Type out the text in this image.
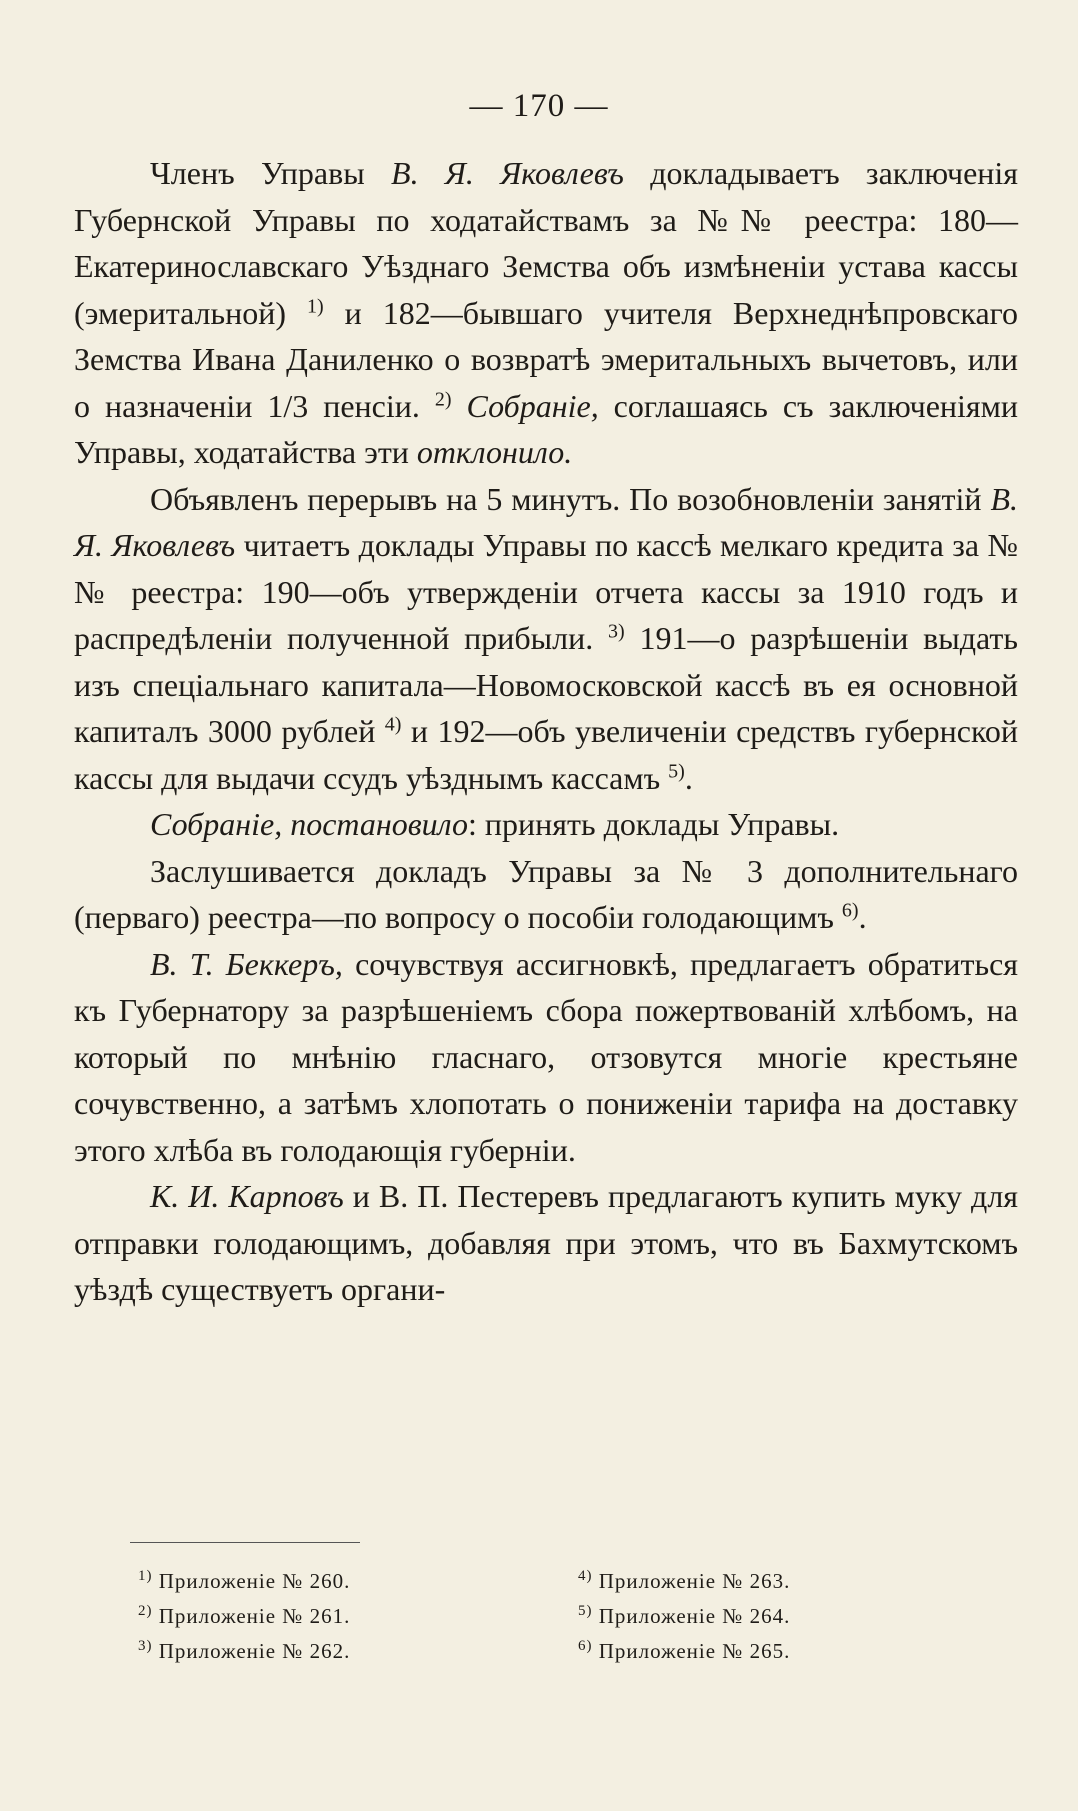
— 170 —

Членъ Управы В. Я. Яковлевъ докладываетъ заключенія Губернской Управы по ходатайствамъ за №№ реестра: 180—Екатеринославскаго Уѣзднаго Земства объ измѣненіи устава кассы (эмеритальной) $^{1)}$ и 182—бывшаго учителя Верхнеднѣпровскаго Земства Ивана Даниленко о возвратѣ эмеритальныхъ вычетовъ, или о назначеніи 1/3 пенсіи. $^{2)}$ Собраніе, соглашаясь съ заключеніями Управы, ходатайства эти отклонило.

Объявленъ перерывъ на 5 минутъ. По возобновленіи занятій В. Я. Яковлевъ читаетъ доклады Управы по кассѣ мелкаго кредита за №№ реестра: 190—объ утвержденіи отчета кассы за 1910 годъ и распредѣленіи полученной прибыли. $^{3)}$ 191—о разрѣшеніи выдать изъ спеціальнаго капитала—Новомосковской кассѣ въ ея основной капиталъ 3000 рублей $^{4)}$ и 192—объ увеличеніи средствъ губернской кассы для выдачи ссудъ уѣзднымъ кассамъ $^{5)}$.

Собраніе, постановило: принять доклады Управы.

Заслушивается докладъ Управы за № 3 дополнительнаго (перваго) реестра—по вопросу о пособіи голодающимъ $^{6)}$.

В. Т. Беккеръ, сочувствуя ассигновкѣ, предлагаетъ обратиться къ Губернатору за разрѣшеніемъ сбора пожертвованій хлѣбомъ, на который по мнѣнію гласнаго, отзовутся многіе крестьяне сочувственно, а затѣмъ хлопотать о пониженіи тарифа на доставку этого хлѣба въ голодающія губерніи.

К. И. Карповъ и В. П. Пестеревъ предлагаютъ купить муку для отправки голодающимъ, добавляя при этомъ, что въ Бахмутскомъ уѣздѣ существуетъ органи-

$^{1)}$ Приложеніе № 260.
$^{2)}$ Приложеніе № 261.
$^{3)}$ Приложеніе № 262.
$^{4)}$ Приложеніе № 263.
$^{5)}$ Приложеніе № 264.
$^{6)}$ Приложеніе № 265.
